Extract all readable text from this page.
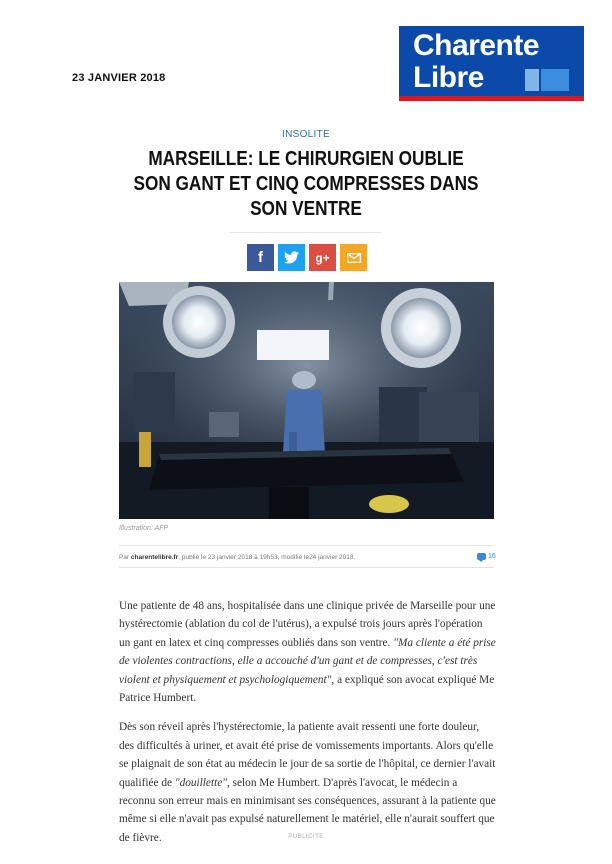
23 JANVIER 2018
Charente
Libre
INSOLITE
MARSEILLE: LE CHIRURGIEN OUBLIE SON GANT ET CINQ COMPRESSES DANS SON VENTRE
f	g+
Illustration: AFP
Par charentelibre.fr, publié le 23 janvier 2018 à 19h53, modifié le24 janvier 2018.	16

Une patiente de 48 ans, hospitalisée dans une clinique privée de Marseille pour une hystérectomie (ablation du col de l'utérus), a expulsé trois jours après l'opération un gant en latex et cinq compresses oubliés dans son ventre. "Ma cliente a été prise de violentes contractions, elle a accouché d'un gant et de compresses, c'est très violent et physiquement et psychologiquement", a expliqué son avocat expliqué Me Patrice Humbert.

Dès son réveil après l'hystérectomie, la patiente avait ressenti une forte douleur, des difficultés à uriner, et avait été prise de vomissements importants. Alors qu'elle se plaignait de son état au médecin le jour de sa sortie de l'hôpital, ce dernier l'avait qualifiée de "douillette", selon Me Humbert. D'après l'avocat, le médecin a reconnu son erreur mais en minimisant ses conséquences, assurant à la patiente que même si elle n'avait pas expulsé naturellement le matériel, elle n'aurait souffert que de fièvre.	PUBLICITE
